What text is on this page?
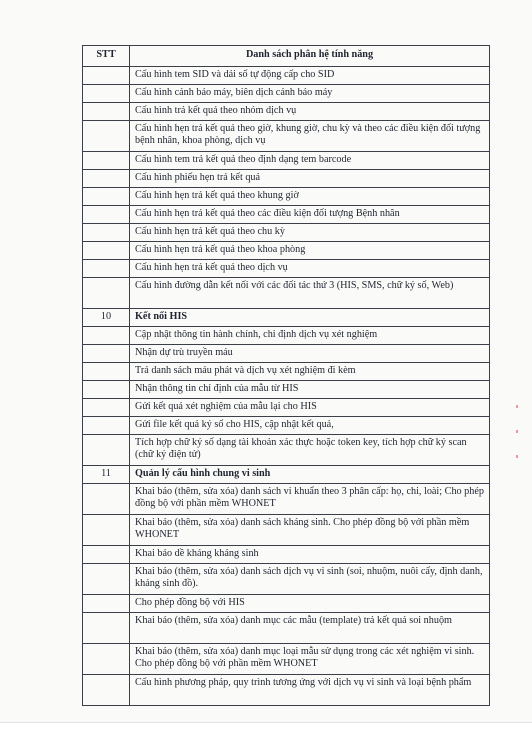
STT	Danh sách phân hệ tính năng
	Cấu hình tem SID và dải số tự động cấp cho SID
	Cấu hình cảnh báo máy, biên dịch cảnh báo máy
	Cấu hình trả kết quả theo nhóm dịch vụ
	Cấu hình hẹn trả kết quả theo giờ, khung giờ, chu kỳ và theo các điều kiện đối tượng bệnh nhân, khoa phòng, dịch vụ
	Cấu hình tem trả kết quả theo định dạng tem barcode
	Cấu hình phiếu hẹn trả kết quả
	Cấu hình hẹn trả kết quả theo khung giờ
	Cấu hình hẹn trả kết quả theo các điều kiện đối tượng Bệnh nhân
	Cấu hình hẹn trả kết quả theo chu kỳ
	Cấu hình hẹn trả kết quả theo khoa phòng
	Cấu hình hẹn trả kết quả theo dịch vụ
	Cấu hình đường dẫn kết nối với các đối tác thứ 3 (HIS, SMS, chữ ký số, Web)
10	Kết nối HIS
	Cập nhật thông tin hành chính, chỉ định dịch vụ xét nghiệm
	Nhận dự trù truyền máu
	Trả danh sách máu phát và dịch vụ xét nghiệm đi kèm
	Nhận thông tin chỉ định của mẫu từ HIS
	Gửi kết quả xét nghiệm của mẫu lại cho HIS
	Gửi file kết quả ký số cho HIS, cập nhật kết quả,
	Tích hợp chữ ký số dạng tài khoản xác thực hoặc token key, tích hợp chữ ký scan (chữ ký điện tử)
11	Quản lý cấu hình chung vi sinh
	Khai báo (thêm, sửa xóa) danh sách vi khuẩn theo 3 phân cấp: họ, chi, loài; Cho phép đồng bộ với phần mềm WHONET
	Khai báo (thêm, sửa xóa) danh sách kháng sinh. Cho phép đồng bộ với phần mềm WHONET
	Khai báo dề kháng kháng sinh
	Khai báo (thêm, sửa xóa) danh sách dịch vụ vi sinh (soi, nhuộm, nuôi cấy, định danh, kháng sinh đồ).
	Cho phép đồng bộ với HIS
	Khai báo (thêm, sửa xóa) danh mục các mẫu (template) trả kết quả soi nhuộm
	Khai báo (thêm, sửa xóa) danh mục loại mẫu sử dụng trong các xét nghiệm vi sinh. Cho phép đồng bộ với phần mềm WHONET
	Cấu hình phương pháp, quy trình tương ứng với dịch vụ vi sinh và loại bệnh phẩm
